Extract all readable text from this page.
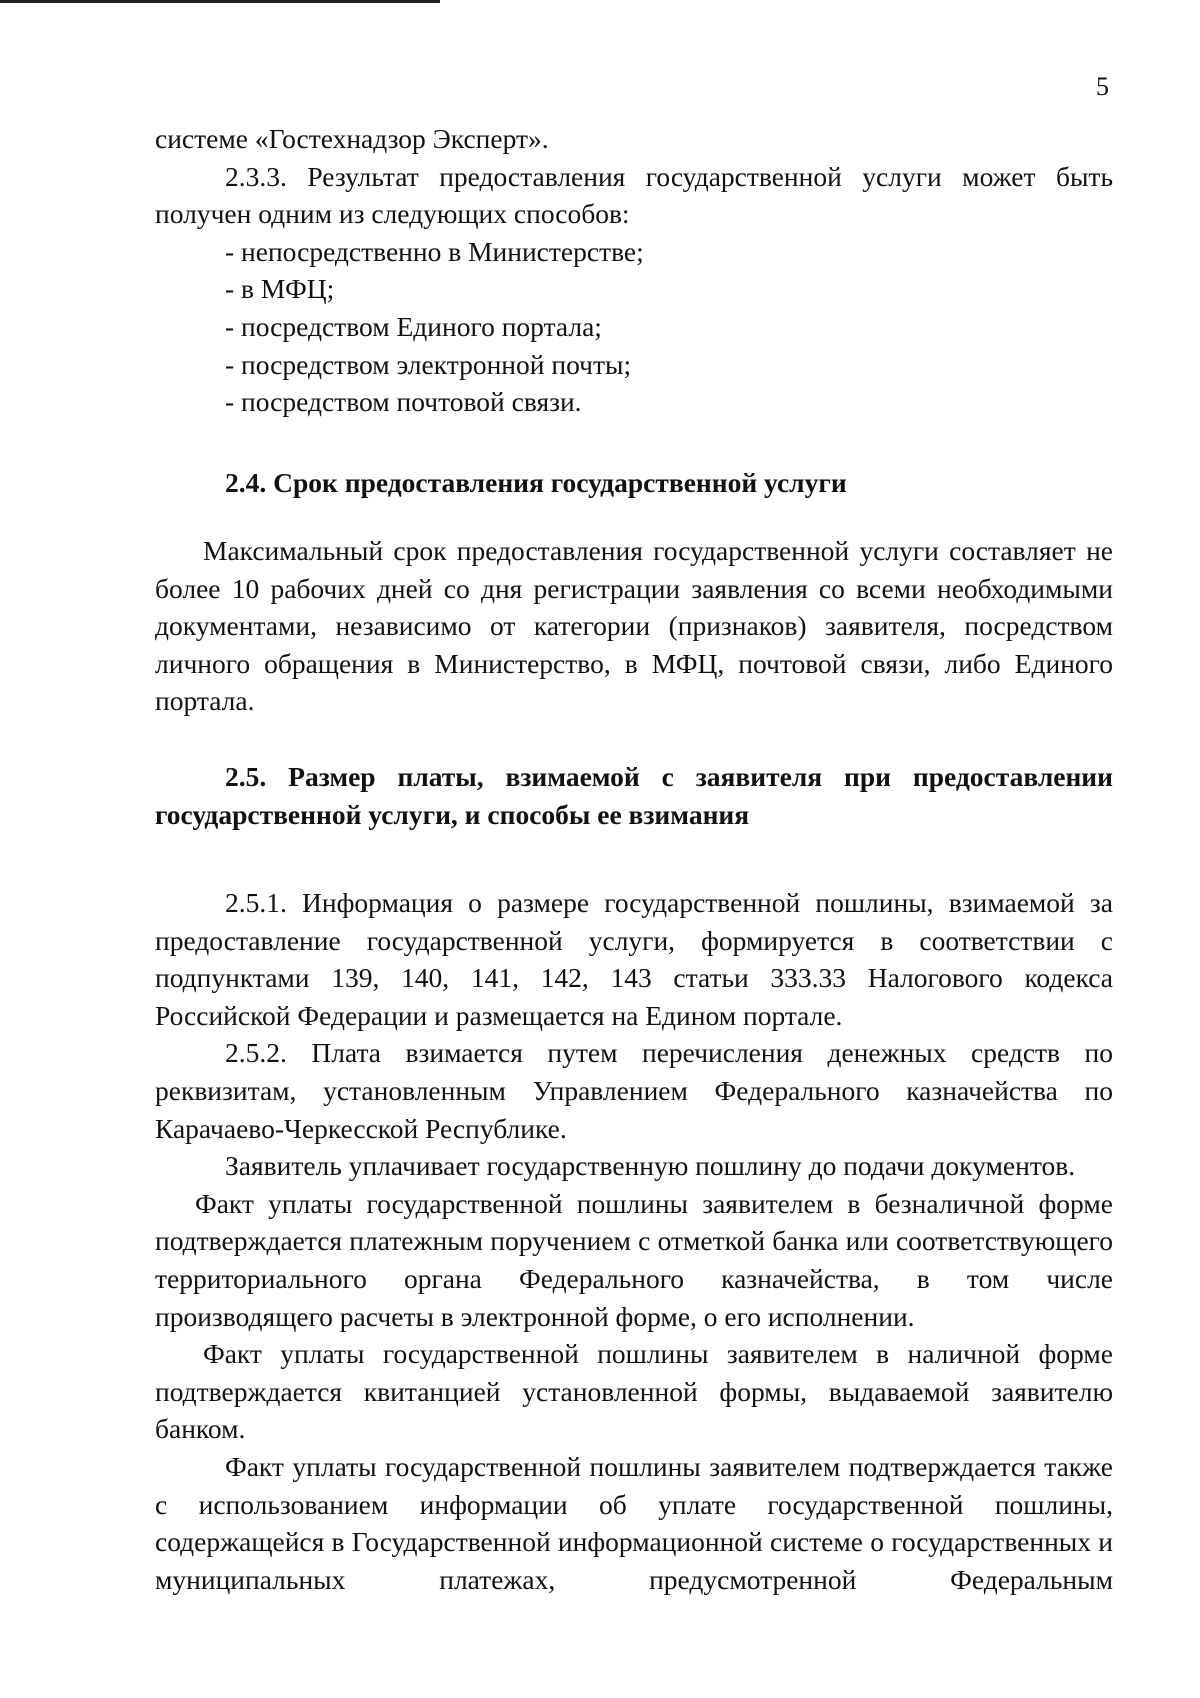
5

системе «Гостехнадзор Эксперт».

2.3.3. Результат предоставления государственной услуги может быть получен одним из следующих способов:

- непосредственно в Министерстве;

- в МФЦ;

- посредством Единого портала;

- посредством электронной почты;

- посредством почтовой связи.

2.4. Срок предоставления государственной услуги

Максимальный срок предоставления государственной услуги составляет не более 10 рабочих дней со дня регистрации заявления со всеми необходимыми документами, независимо от категории (признаков) заявителя, посредством личного обращения в Министерство, в МФЦ, почтовой связи, либо Единого портала.

2.5. Размер платы, взимаемой с заявителя при предоставлении государственной услуги, и способы ее взимания

2.5.1. Информация о размере государственной пошлины, взимаемой за предоставление государственной услуги, формируется в соответствии с подпунктами 139, 140, 141, 142, 143 статьи 333.33 Налогового кодекса Российской Федерации и размещается на Едином портале.

2.5.2. Плата взимается путем перечисления денежных средств по реквизитам, установленным Управлением Федерального казначейства по Карачаево-Черкесской Республике.

Заявитель уплачивает государственную пошлину до подачи документов.

Факт уплаты государственной пошлины заявителем в безналичной форме подтверждается платежным поручением с отметкой банка или соответствующего территориального органа Федерального казначейства, в том числе производящего расчеты в электронной форме, о его исполнении.

Факт уплаты государственной пошлины заявителем в наличной форме подтверждается квитанцией установленной формы, выдаваемой заявителю банком.

Факт уплаты государственной пошлины заявителем подтверждается также с использованием информации об уплате государственной пошлины, содержащейся в Государственной информационной системе о государственных и муниципальных платежах, предусмотренной Федеральным
